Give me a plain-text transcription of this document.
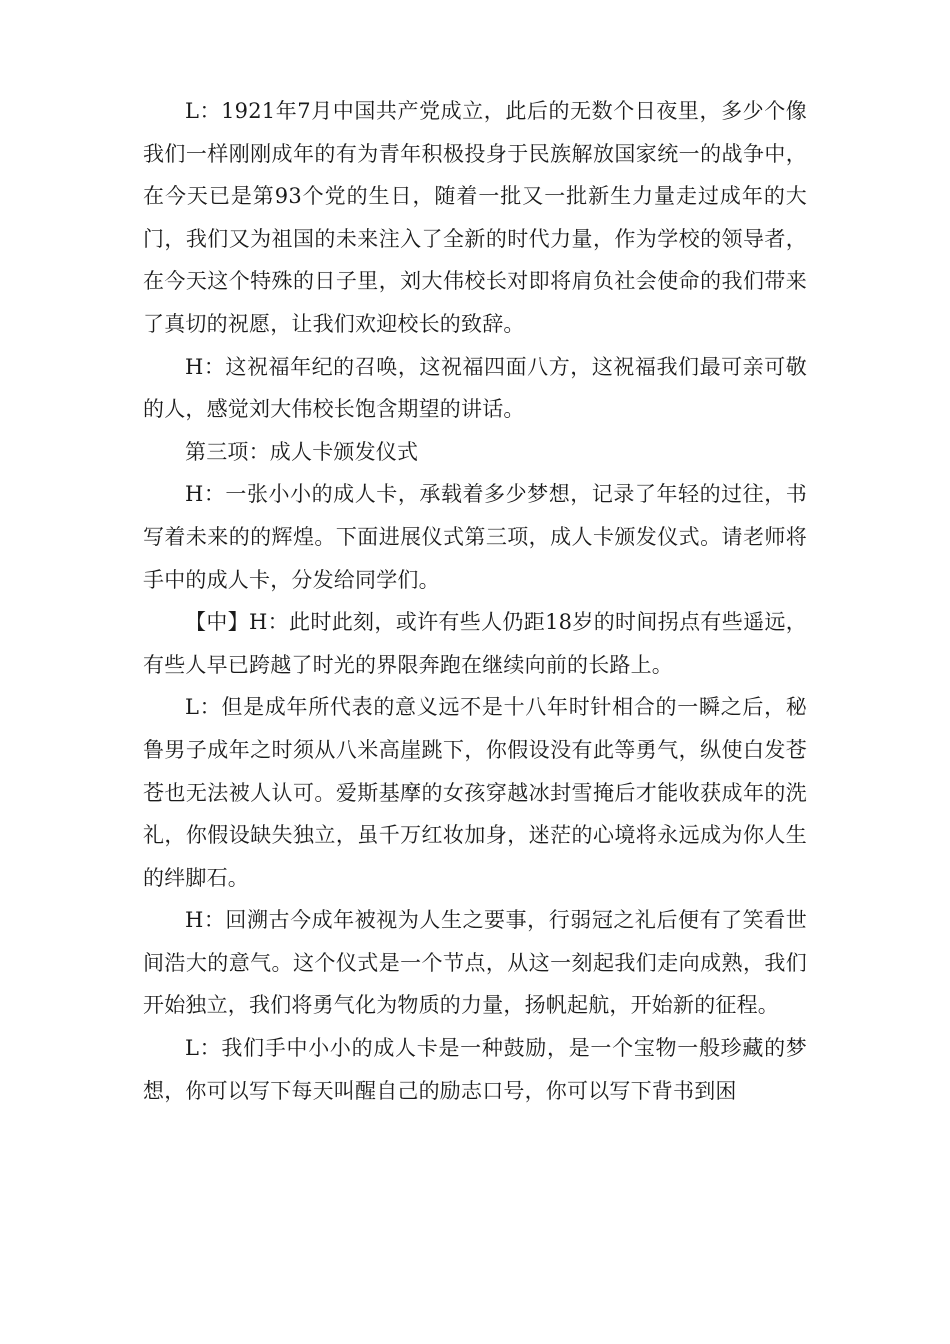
L：1921年7月中国共产党成立，此后的无数个日夜里，多少个像我们一样刚刚成年的有为青年积极投身于民族解放国家统一的战争中，在今天已是第93个党的生日，随着一批又一批新生力量走过成年的大门，我们又为祖国的未来注入了全新的时代力量，作为学校的领导者，在今天这个特殊的日子里，刘大伟校长对即将肩负社会使命的我们带来了真切的祝愿，让我们欢迎校长的致辞。

H：这祝福年纪的召唤，这祝福四面八方，这祝福我们最可亲可敬的人，感觉刘大伟校长饱含期望的讲话。

第三项：成人卡颁发仪式

H：一张小小的成人卡，承载着多少梦想，记录了年轻的过往，书写着未来的的辉煌。下面进展仪式第三项，成人卡颁发仪式。请老师将手中的成人卡，分发给同学们。

【中】H：此时此刻，或许有些人仍距18岁的时间拐点有些遥远，有些人早已跨越了时光的界限奔跑在继续向前的长路上。

L：但是成年所代表的意义远不是十八年时针相合的一瞬之后，秘鲁男子成年之时须从八米高崖跳下，你假设没有此等勇气，纵使白发苍苍也无法被人认可。爱斯基摩的女孩穿越冰封雪掩后才能收获成年的洗礼，你假设缺失独立，虽千万红妆加身，迷茫的心境将永远成为你人生的绊脚石。

H：回溯古今成年被视为人生之要事，行弱冠之礼后便有了笑看世间浩大的意气。这个仪式是一个节点，从这一刻起我们走向成熟，我们开始独立，我们将勇气化为物质的力量，扬帆起航，开始新的征程。

L：我们手中小小的成人卡是一种鼓励，是一个宝物一般珍藏的梦想，你可以写下每天叫醒自己的励志口号，你可以写下背书到困
